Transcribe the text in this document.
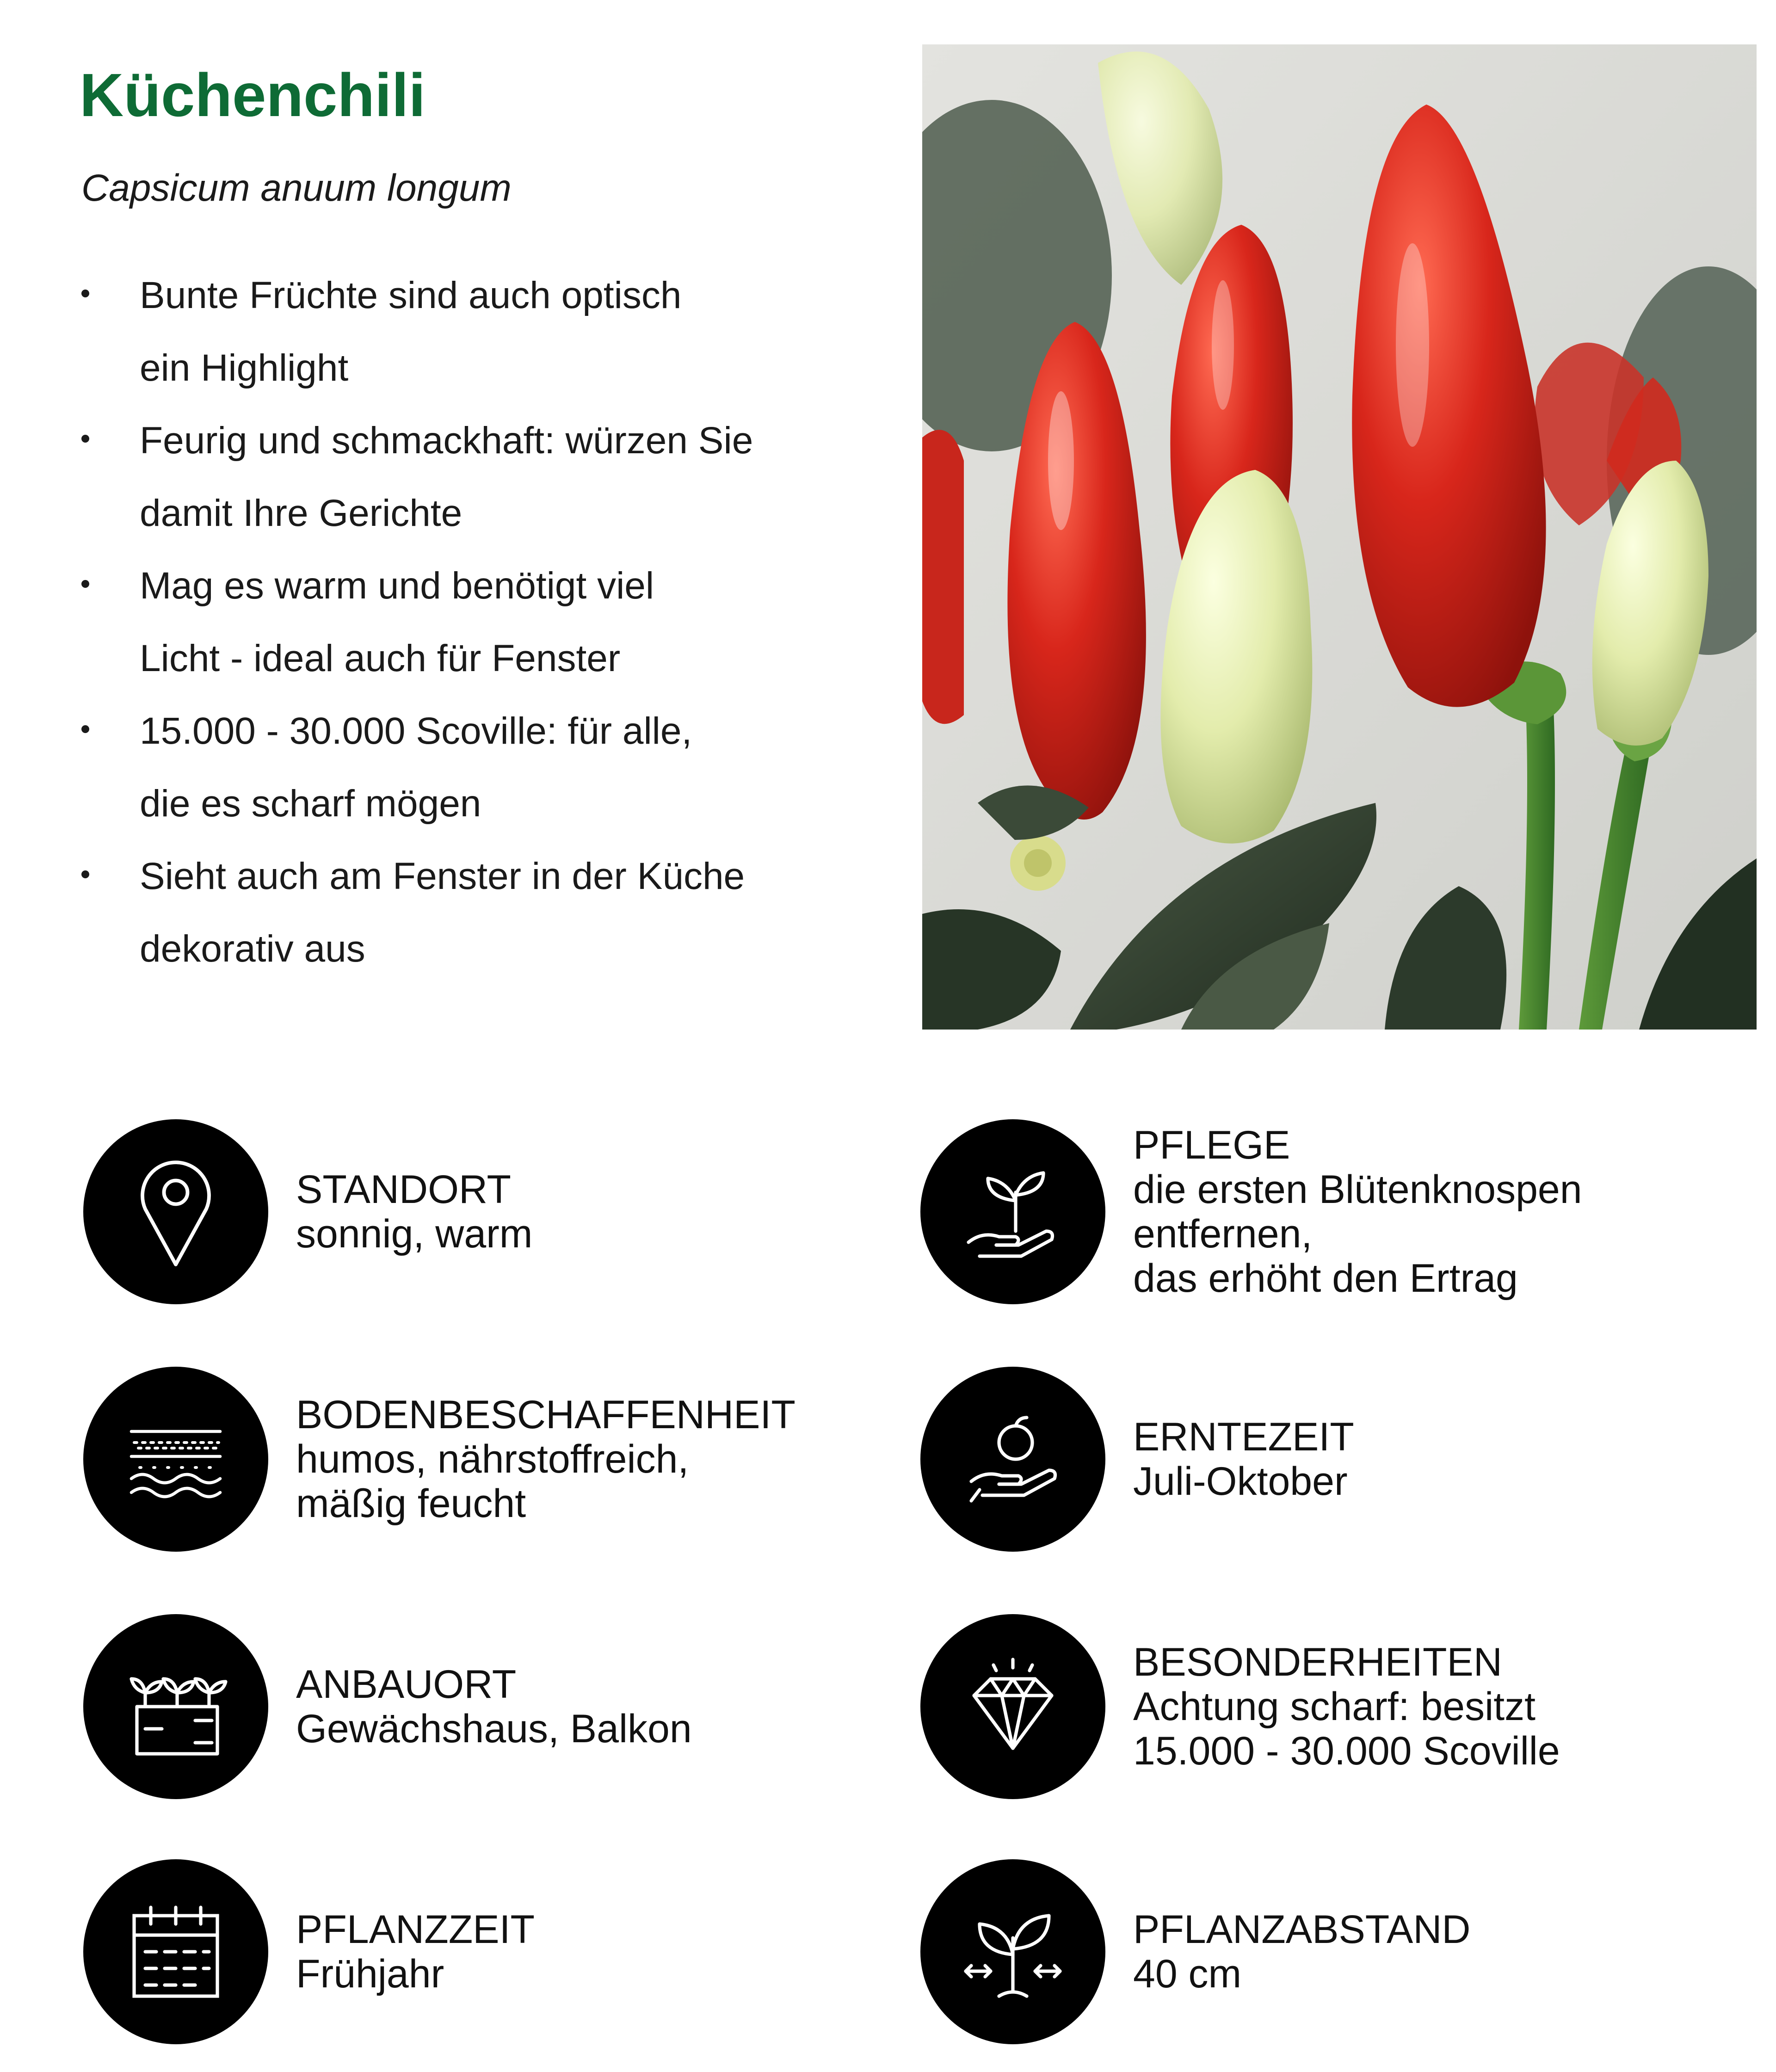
Küchenchili

Capsicum anuum longum

Bunte Früchte sind auch optisch
ein Highlight
Feurig und schmackhaft: würzen Sie
damit Ihre Gerichte
Mag es warm und benötigt viel
Licht - ideal auch für Fenster
15.000 - 30.000 Scoville: für alle,
die es scharf mögen
Sieht auch am Fenster in der Küche
dekorativ aus
STANDORT
sonnig, warm
BODENBESCHAFFENHEIT
humos, nährstoffreich,
mäßig feucht
ANBAUORT
Gewächshaus, Balkon
PFLANZZEIT
Frühjahr
PFLEGE
die ersten Blütenknospen entfernen,
das erhöht den Ertrag
ERNTEZEIT
Juli-Oktober
BESONDERHEITEN
Achtung scharf: besitzt
15.000 - 30.000 Scoville
PFLANZABSTAND
40 cm
